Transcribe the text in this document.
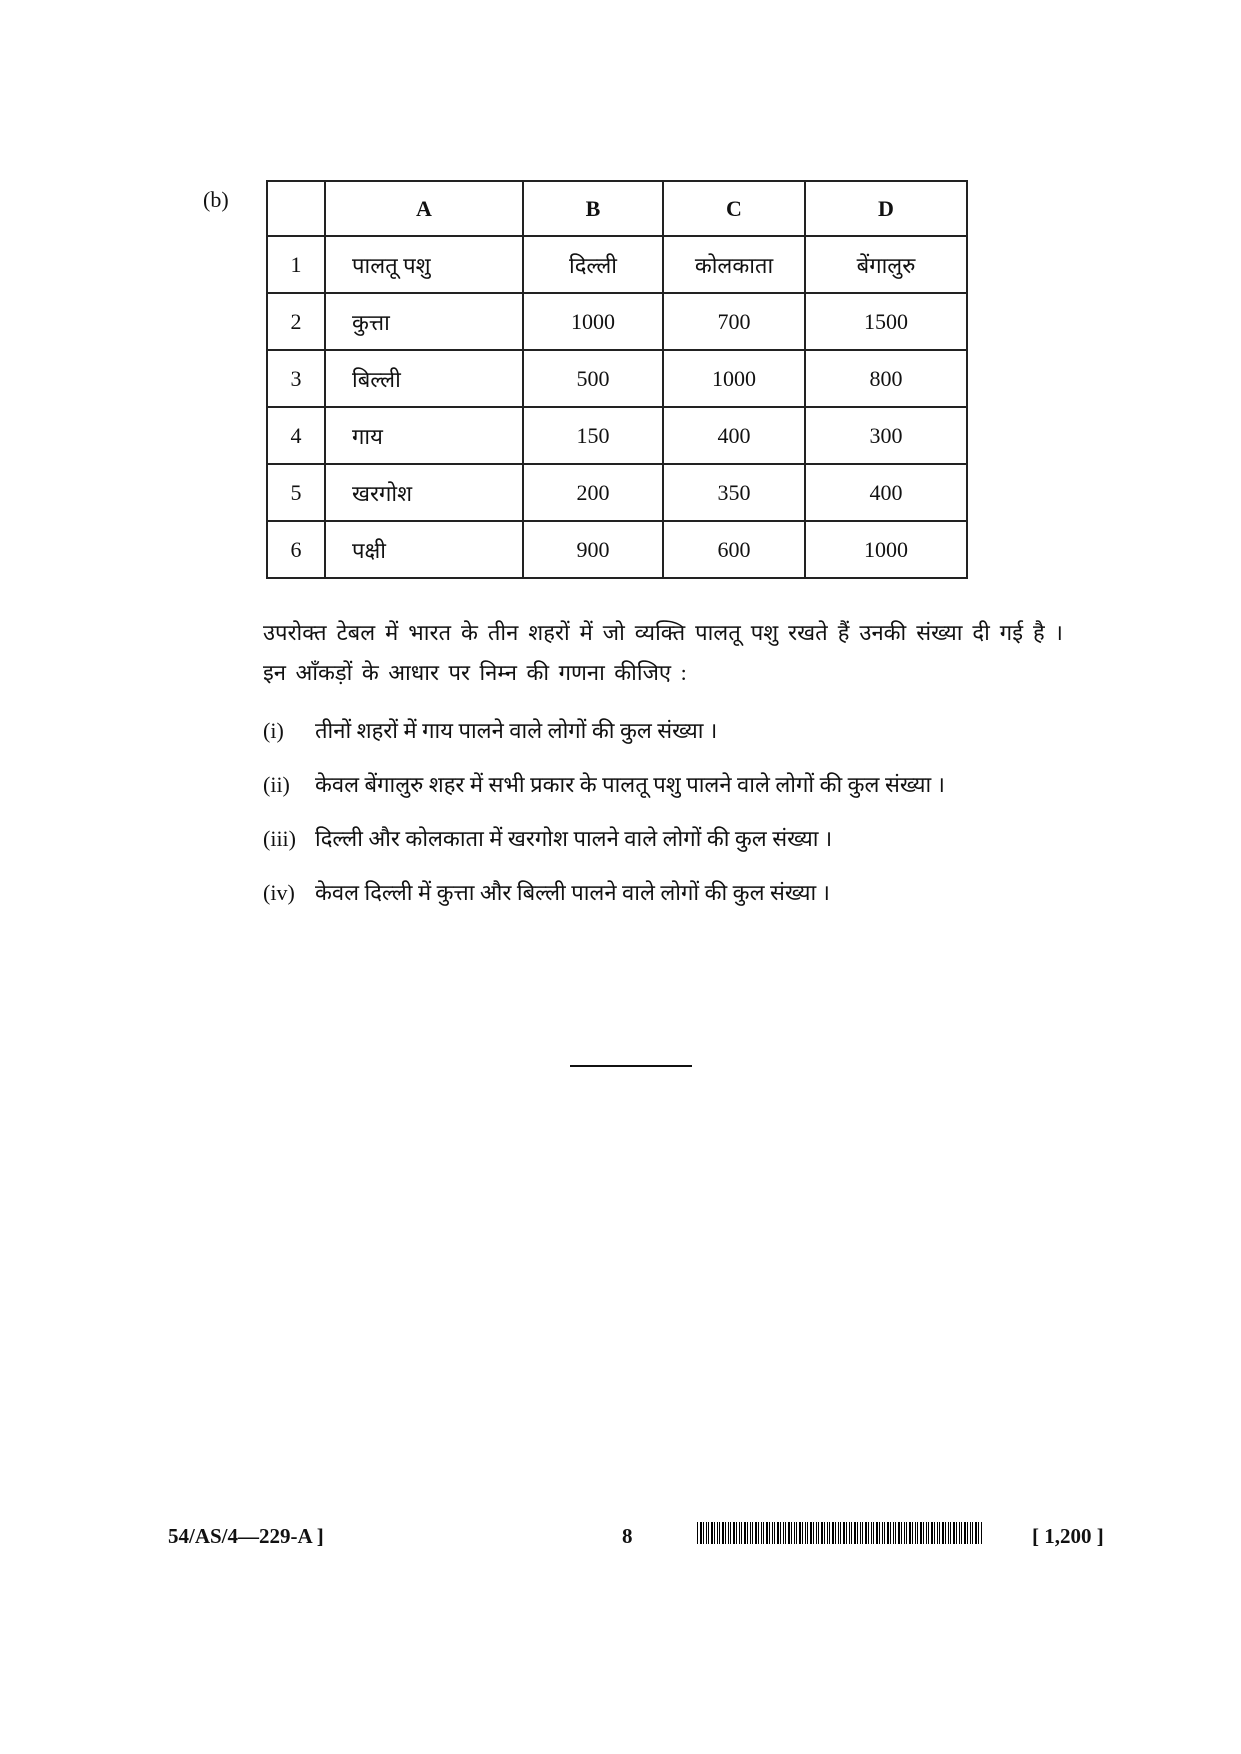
(b)
		A	B	C	D
1	पालतू पशु	दिल्ली	कोलकाता	बेंगालुरु
2	कुत्ता	1000	700	1500
3	बिल्ली	500	1000	800
4	गाय	150	400	300
5	खरगोश	200	350	400
6	पक्षी	900	600	1000
उपरोक्त टेबल में भारत के तीन शहरों में जो व्यक्ति पालतू पशु रखते हैं उनकी संख्या दी गई है । इन आँकड़ों के आधार पर निम्न की गणना कीजिए :
(i) तीनों शहरों में गाय पालने वाले लोगों की कुल संख्या ।
(ii) केवल बेंगालुरु शहर में सभी प्रकार के पालतू पशु पालने वाले लोगों की कुल संख्या ।
(iii) दिल्ली और कोलकाता में खरगोश पालने वाले लोगों की कुल संख्या ।
(iv) केवल दिल्ली में कुत्ता और बिल्ली पालने वाले लोगों की कुल संख्या ।
54/AS/4—229-A ]	8	[ 1,200 ]
